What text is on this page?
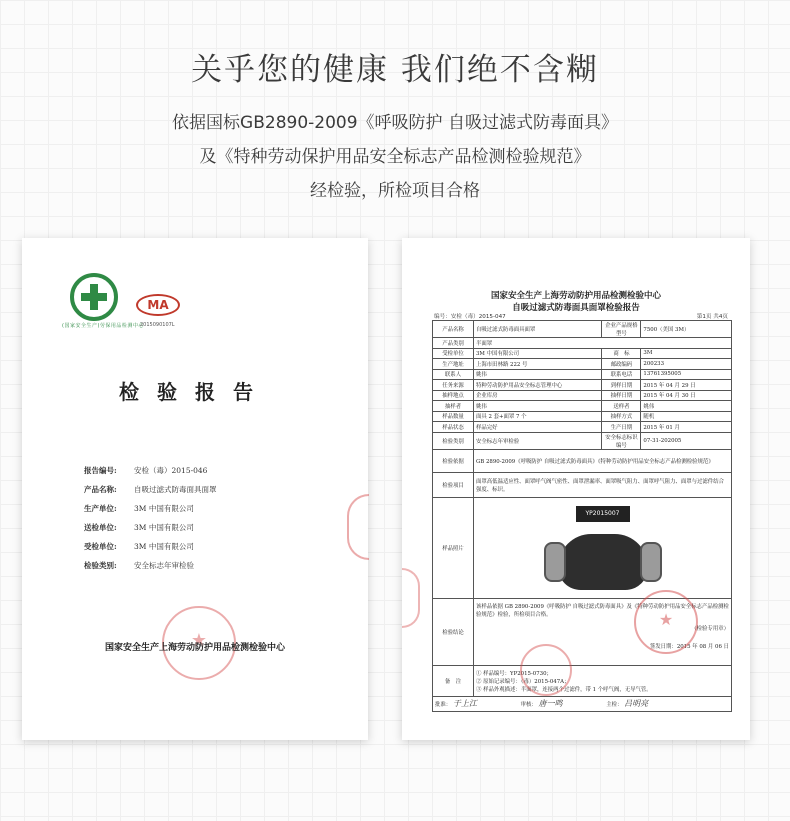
关乎您的健康 我们绝不含糊
依据国标GB2890-2009《呼吸防护 自吸过滤式防毒面具》
及《特种劳动保护用品安全标志产品检测检验规范》
经检验，所检项目合格
(国家安全生产)劳保用品检测中心
MA
2015090107L
检验报告
报告编号: 安检（毒）2015-046
产品名称: 自吸过滤式防毒面具面罩
生产单位: 3M 中国有限公司
送检单位: 3M 中国有限公司
受检单位: 3M 中国有限公司
检验类别: 安全标志年审检验
★
国家安全生产上海劳动防护用品检测检验中心
国家安全生产上海劳动防护用品检测检验中心
自吸过滤式防毒面具面罩检验报告
编号：安检（毒）2015-047	第1页 共4页
产品名称	自吸过滤式防毒面具面罩	企业产品规格型号	7500（美国 3M）
产品类别	半面罩		
受检单位	3M 中国有限公司	商　标	3M
生产地址	上海市田林路 222 号	邮政编码	200233
联系人	姚伟	联系电话	13761395005
任务来源	特种劳动防护用品安全标志管理中心	到样日期	2015 年 04 月 29 日
抽样地点	企业库房	抽样日期	2015 年 04 月 30 日
抽样者	姚伟	送样者	姚伟
样品数量	面具 2 套+面罩 7 个	抽样方式	随机
样品状态	样品完好	生产日期	2015 年 01 月
检验类别	安全标志年审检验	安全标志标识编号	07-31-202005
检验依据	GB 2890-2009《呼吸防护 自吸过滤式防毒面具》《特种劳动防护用品安全标志产品检测检验规范》		
检验项目	面罩高低温适应性、面罩呼气阀气密性、面罩泄漏率、面罩吸气阻力、面罩呼气阻力、面罩与过滤件结合强度、标识。		
样品照片	YP2015007		

检验结论	该样品依据 GB 2890-2009《呼吸防护 自吸过滤式防毒面具》及《特种劳动防护用品安全标志产品检测检验规范》检验，所检项目合格。
（检验专用章）
签发日期：2015 年 08 月 06 日		

备　注	① 样品编号：YP2015-0730；
② 原始记录编号：（毒）2015-047A；
③ 样品外观描述：半面罩，连接两个过滤件，带 1 个呼气阀，无导气管。		

批准： 于上江 审核： 唐一鸣 主检： 吕明亮			
★
